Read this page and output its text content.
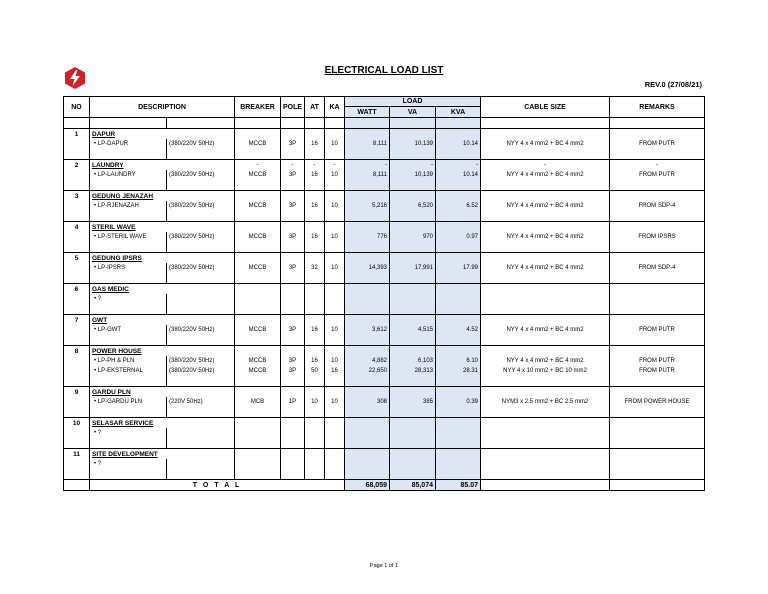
ELECTRICAL LOAD LIST
REV.0 (27/08/21)
NO	DESCRIPTION		BREAKER	POLE	AT	KA	LOAD			CABLE SIZE	REMARKS
							WATT	VA	KVA		

1	DAPUR										
	• LP-DAPUR	(380/220V 50Hz)	MCCB	3P	16	10	8,111	10,139	10.14	NYY 4 x 4 mm2 + BC 4 mm2	FROM PUTR

2	LAUNDRY		-	-	-	-	-	-	-	-	-
	• LP-LAUNDRY	(380/220V 50Hz)	MCCB	3P	16	10	8,111	10,139	10.14	NYY 4 x 4 mm2 + BC 4 mm2	FROM PUTR

3	GEDUNG JENAZAH										
	• LP-RJENAZAH	(380/220V 50Hz)	MCCB	3P	16	10	5,216	6,520	6.52	NYY 4 x 4 mm2 + BC 4 mm2	FROM SDP-4

4	STERIL WAVE										
	• LP-STERIL WAVE	(380/220V 50Hz)	MCCB	3P	16	10	776	970	0.97	NYY 4 x 4 mm2 + BC 4 mm2	FROM IPSRS

5	GEDUNG IPSRS										
	• LP-IPSRS	(380/220V 50Hz)	MCCB	3P	32	10	14,393	17,991	17.99	NYY 4 x 4 mm2 + BC 4 mm2	FROM SDP-4

6	GAS MEDIC										
	• ?										

7	GWT										
	• LP-GWT	(380/220V 50Hz)	MCCB	3P	16	10	3,612	4,515	4.52	NYY 4 x 4 mm2 + BC 4 mm2	FROM PUTR

8	POWER HOUSE										
	• LP-PH & PLN	(380/220V 50Hz)	MCCB	3P	16	10	4,882	6,103	6.10	NYY 4 x 4 mm2 + BC 4 mm2	FROM PUTR
	• LP-EKSTERNAL	(380/220V 50Hz)	MCCB	3P	50	16	22,650	28,313	28.31	NYY 4 x 10 mm2 + BC 10 mm2	FROM PUTR

9	GARDU PLN										
	• LP-GARDU PLN	(220V 50Hz)	MCB	1P	10	10	308	385	0.39	NYM3 x 2.5 mm2 + BC 2.5 mm2	FROM POWER HOUSE

10	SELASAR SERVICE										
	• ?										

11	SITE DEVELOPMENT										
	• ?										

	T O T A L						68,059	85,074	85.07		
Page 1 of 1
